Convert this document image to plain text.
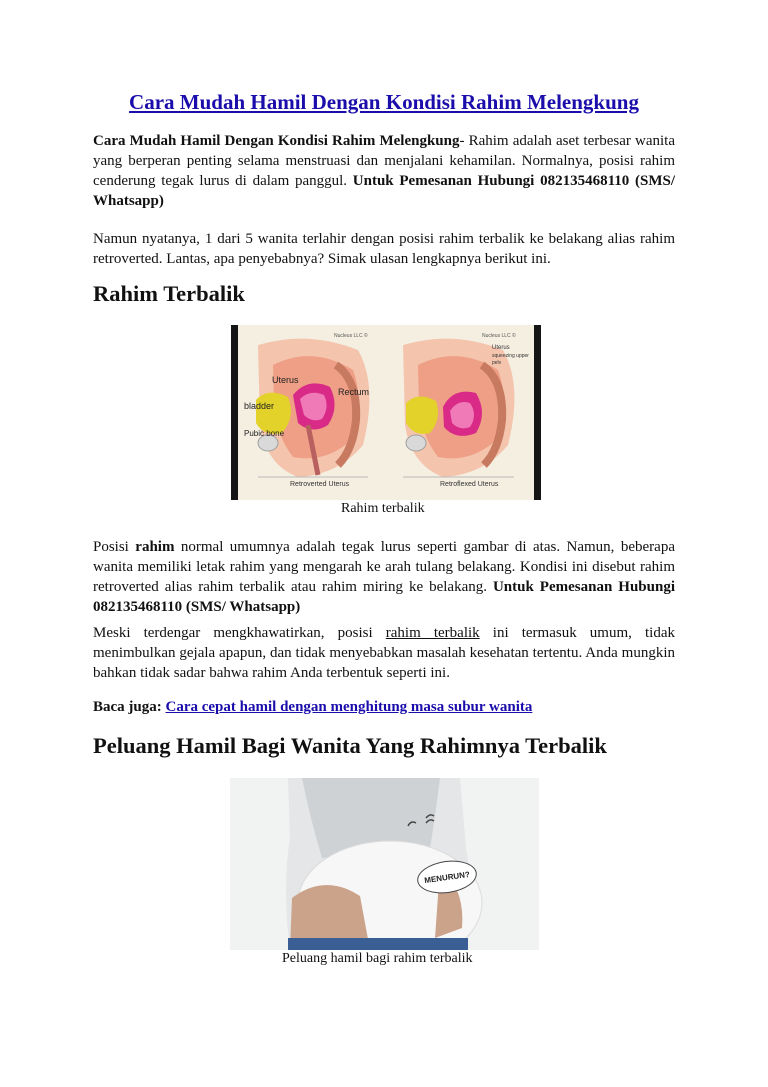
Cara Mudah Hamil Dengan Kondisi Rahim Melengkung

Cara Mudah Hamil Dengan Kondisi Rahim Melengkung- Rahim adalah aset terbesar wanita yang berperan penting selama menstruasi dan menjalani kehamilan. Normalnya, posisi rahim cenderung tegak lurus di dalam panggul. Untuk Pemesanan Hubungi 082135468110 (SMS/ Whatsapp)

Namun nyatanya, 1 dari 5 wanita terlahir dengan posisi rahim terbalik ke belakang alias rahim retroverted. Lantas, apa penyebabnya? Simak ulasan lengkapnya berikut ini.

Rahim Terbalik
Nucleus LLC ©	Nucleus LLC ©
Uterus
Rectum
bladder
Pubic bone
Uterus
squeezing upper
pelv
Retroverted Uterus	Retroflexed Uterus

Rahim terbalik

Posisi rahim normal umumnya adalah tegak lurus seperti gambar di atas. Namun, beberapa wanita memiliki letak rahim yang mengarah ke arah tulang belakang. Kondisi ini disebut rahim retroverted alias rahim terbalik atau rahim miring ke belakang. Untuk Pemesanan Hubungi 082135468110 (SMS/ Whatsapp)

Meski terdengar mengkhawatirkan, posisi rahim terbalik ini termasuk umum, tidak menimbulkan gejala apapun, dan tidak menyebabkan masalah kesehatan tertentu. Anda mungkin bahkan tidak sadar bahwa rahim Anda terbentuk seperti ini.

Baca juga: Cara cepat hamil dengan menghitung masa subur wanita

Peluang Hamil Bagi Wanita Yang Rahimnya Terbalik
MENURUN?

Peluang hamil bagi rahim terbalik
